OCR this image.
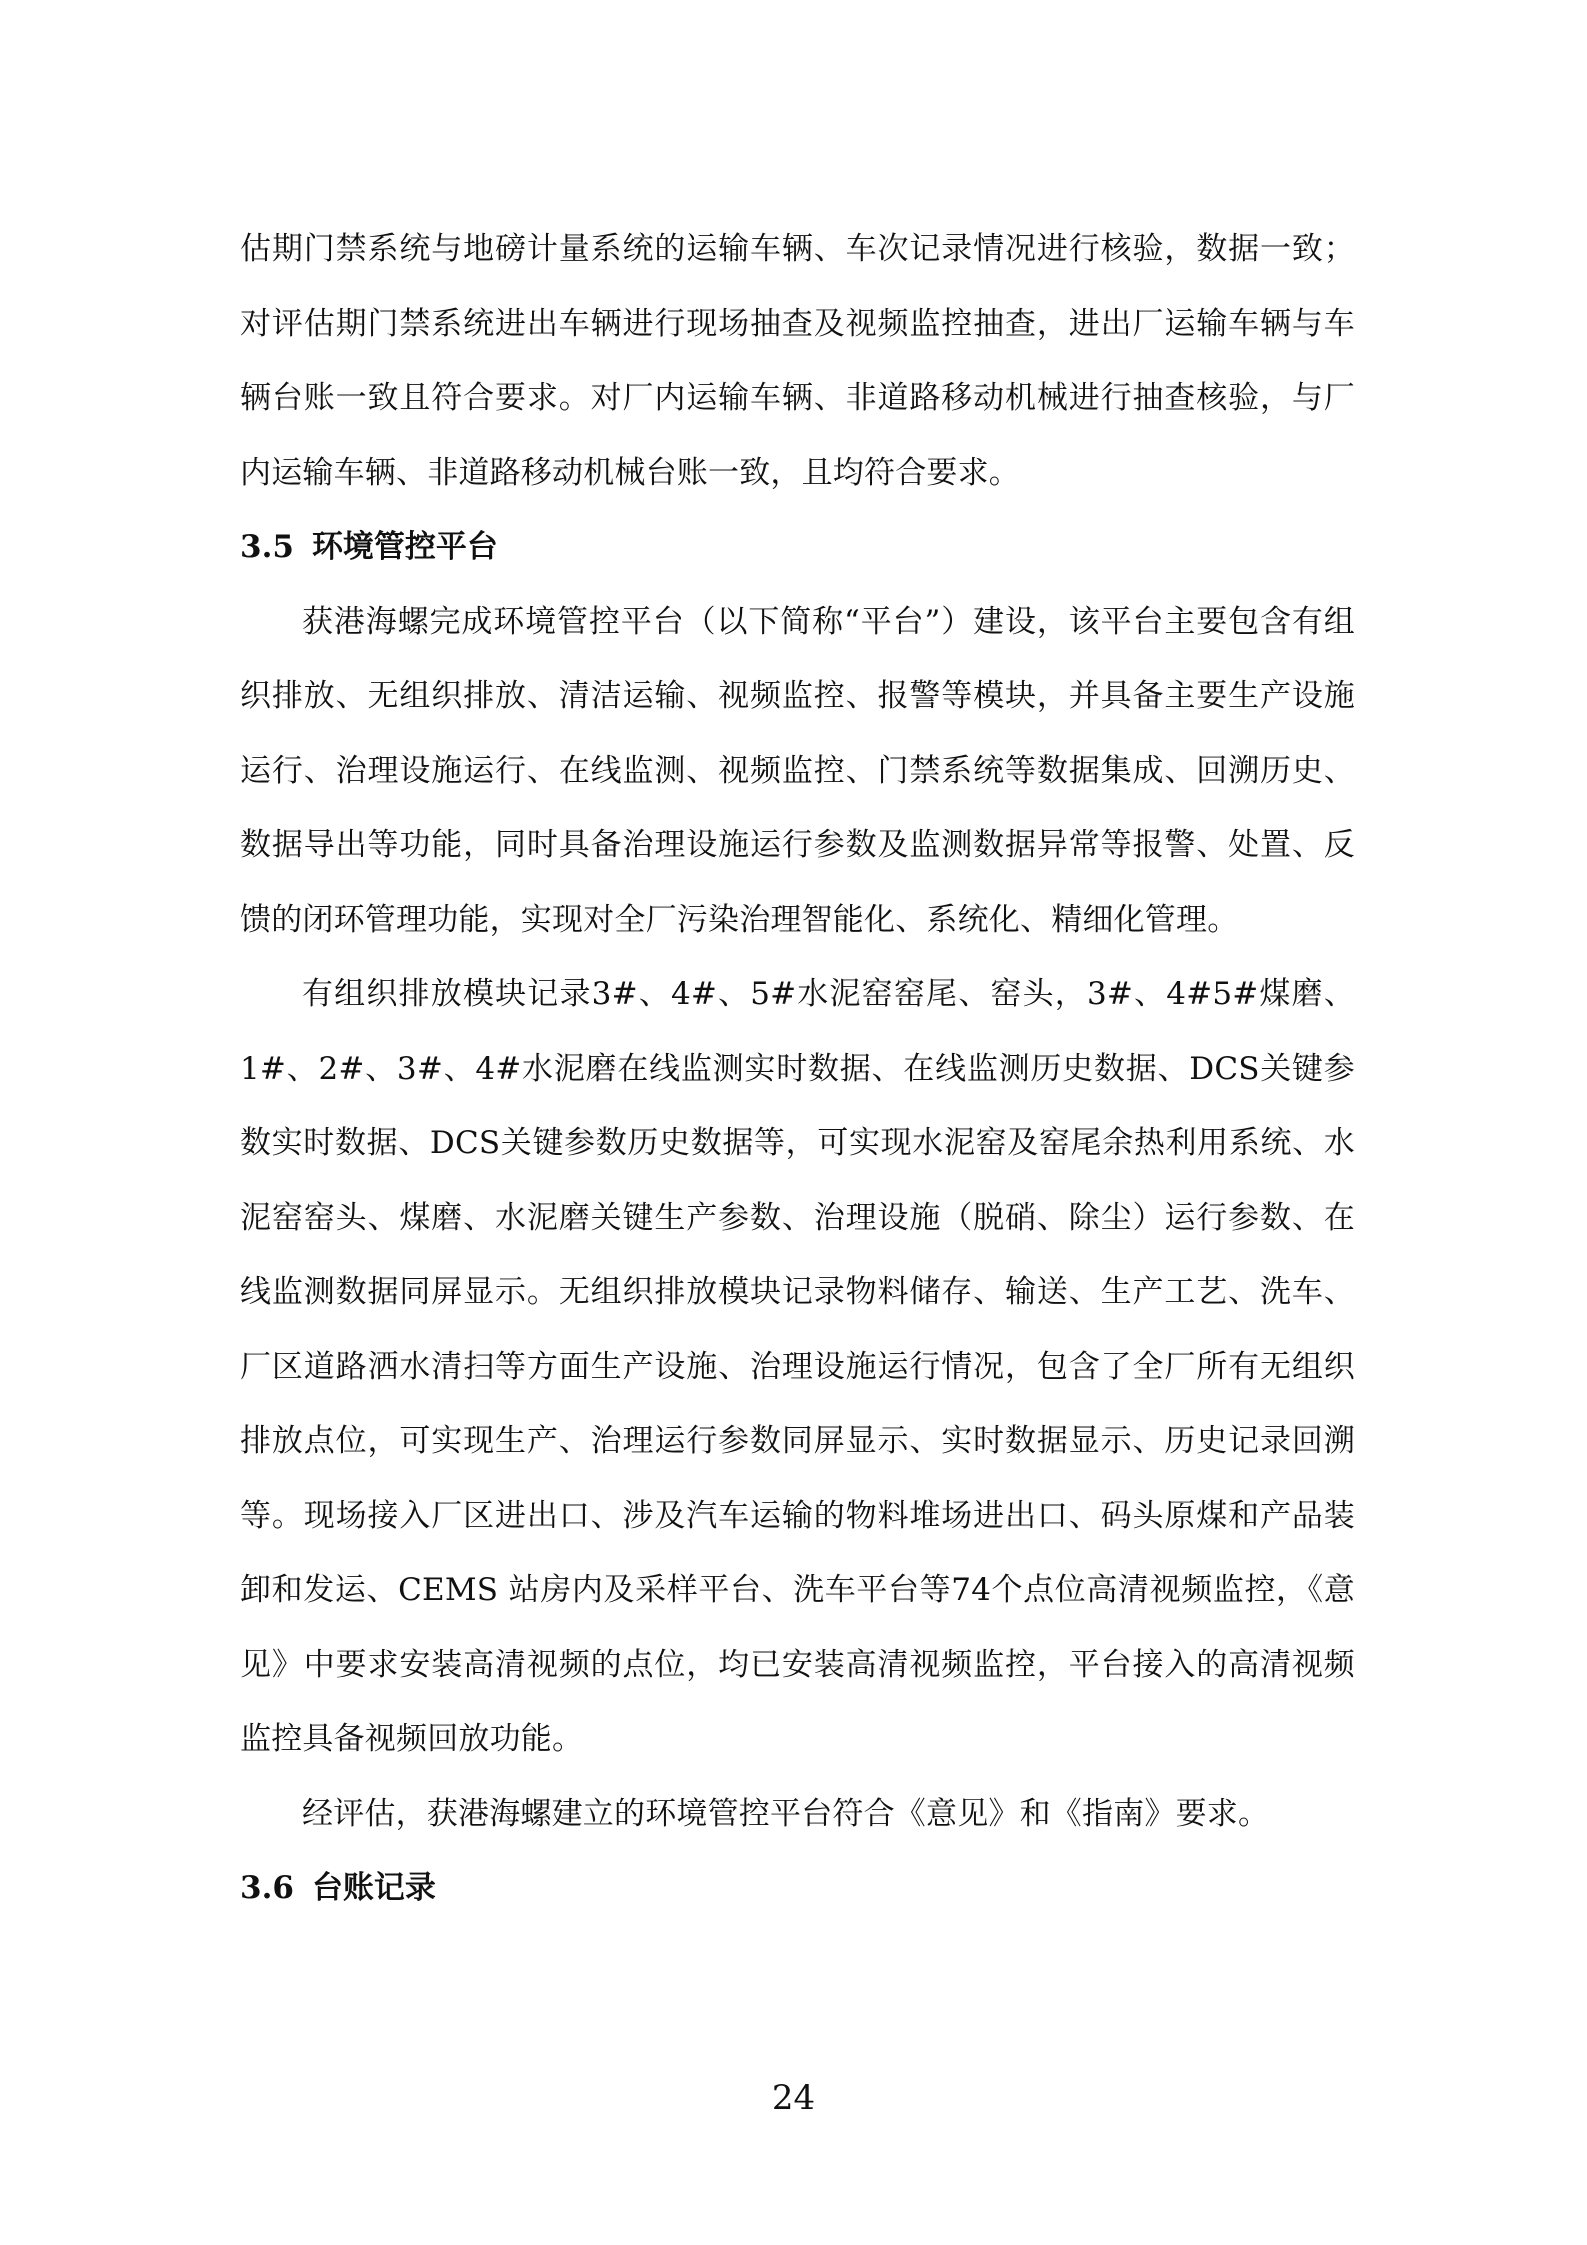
估期门禁系统与地磅计量系统的运输车辆、车次记录情况进行核验，数据一致；对评估期门禁系统进出车辆进行现场抽查及视频监控抽查，进出厂运输车辆与车辆台账一致且符合要求。对厂内运输车辆、非道路移动机械进行抽查核验，与厂内运输车辆、非道路移动机械台账一致，且均符合要求。

3.5 环境管控平台

获港海螺完成环境管控平台（以下简称“平台”）建设，该平台主要包含有组织排放、无组织排放、清洁运输、视频监控、报警等模块，并具备主要生产设施运行、治理设施运行、在线监测、视频监控、门禁系统等数据集成、回溯历史、数据导出等功能，同时具备治理设施运行参数及监测数据异常等报警、处置、反馈的闭环管理功能，实现对全厂污染治理智能化、系统化、精细化管理。

有组织排放模块记录3#、4#、5#水泥窑窑尾、窑头，3#、4#5#煤磨、1#、2#、3#、4#水泥磨在线监测实时数据、在线监测历史数据、DCS关键参数实时数据、DCS关键参数历史数据等，可实现水泥窑及窑尾余热利用系统、水泥窑窑头、煤磨、水泥磨关键生产参数、治理设施（脱硝、除尘）运行参数、在线监测数据同屏显示。无组织排放模块记录物料储存、输送、生产工艺、洗车、厂区道路洒水清扫等方面生产设施、治理设施运行情况，包含了全厂所有无组织排放点位，可实现生产、治理运行参数同屏显示、实时数据显示、历史记录回溯等。现场接入厂区进出口、涉及汽车运输的物料堆场进出口、码头原煤和产品装卸和发运、CEMS 站房内及采样平台、洗车平台等74个点位高清视频监控，《意见》中要求安装高清视频的点位，均已安装高清视频监控，平台接入的高清视频监控具备视频回放功能。

经评估，获港海螺建立的环境管控平台符合《意见》和《指南》要求。

3.6 台账记录
24
